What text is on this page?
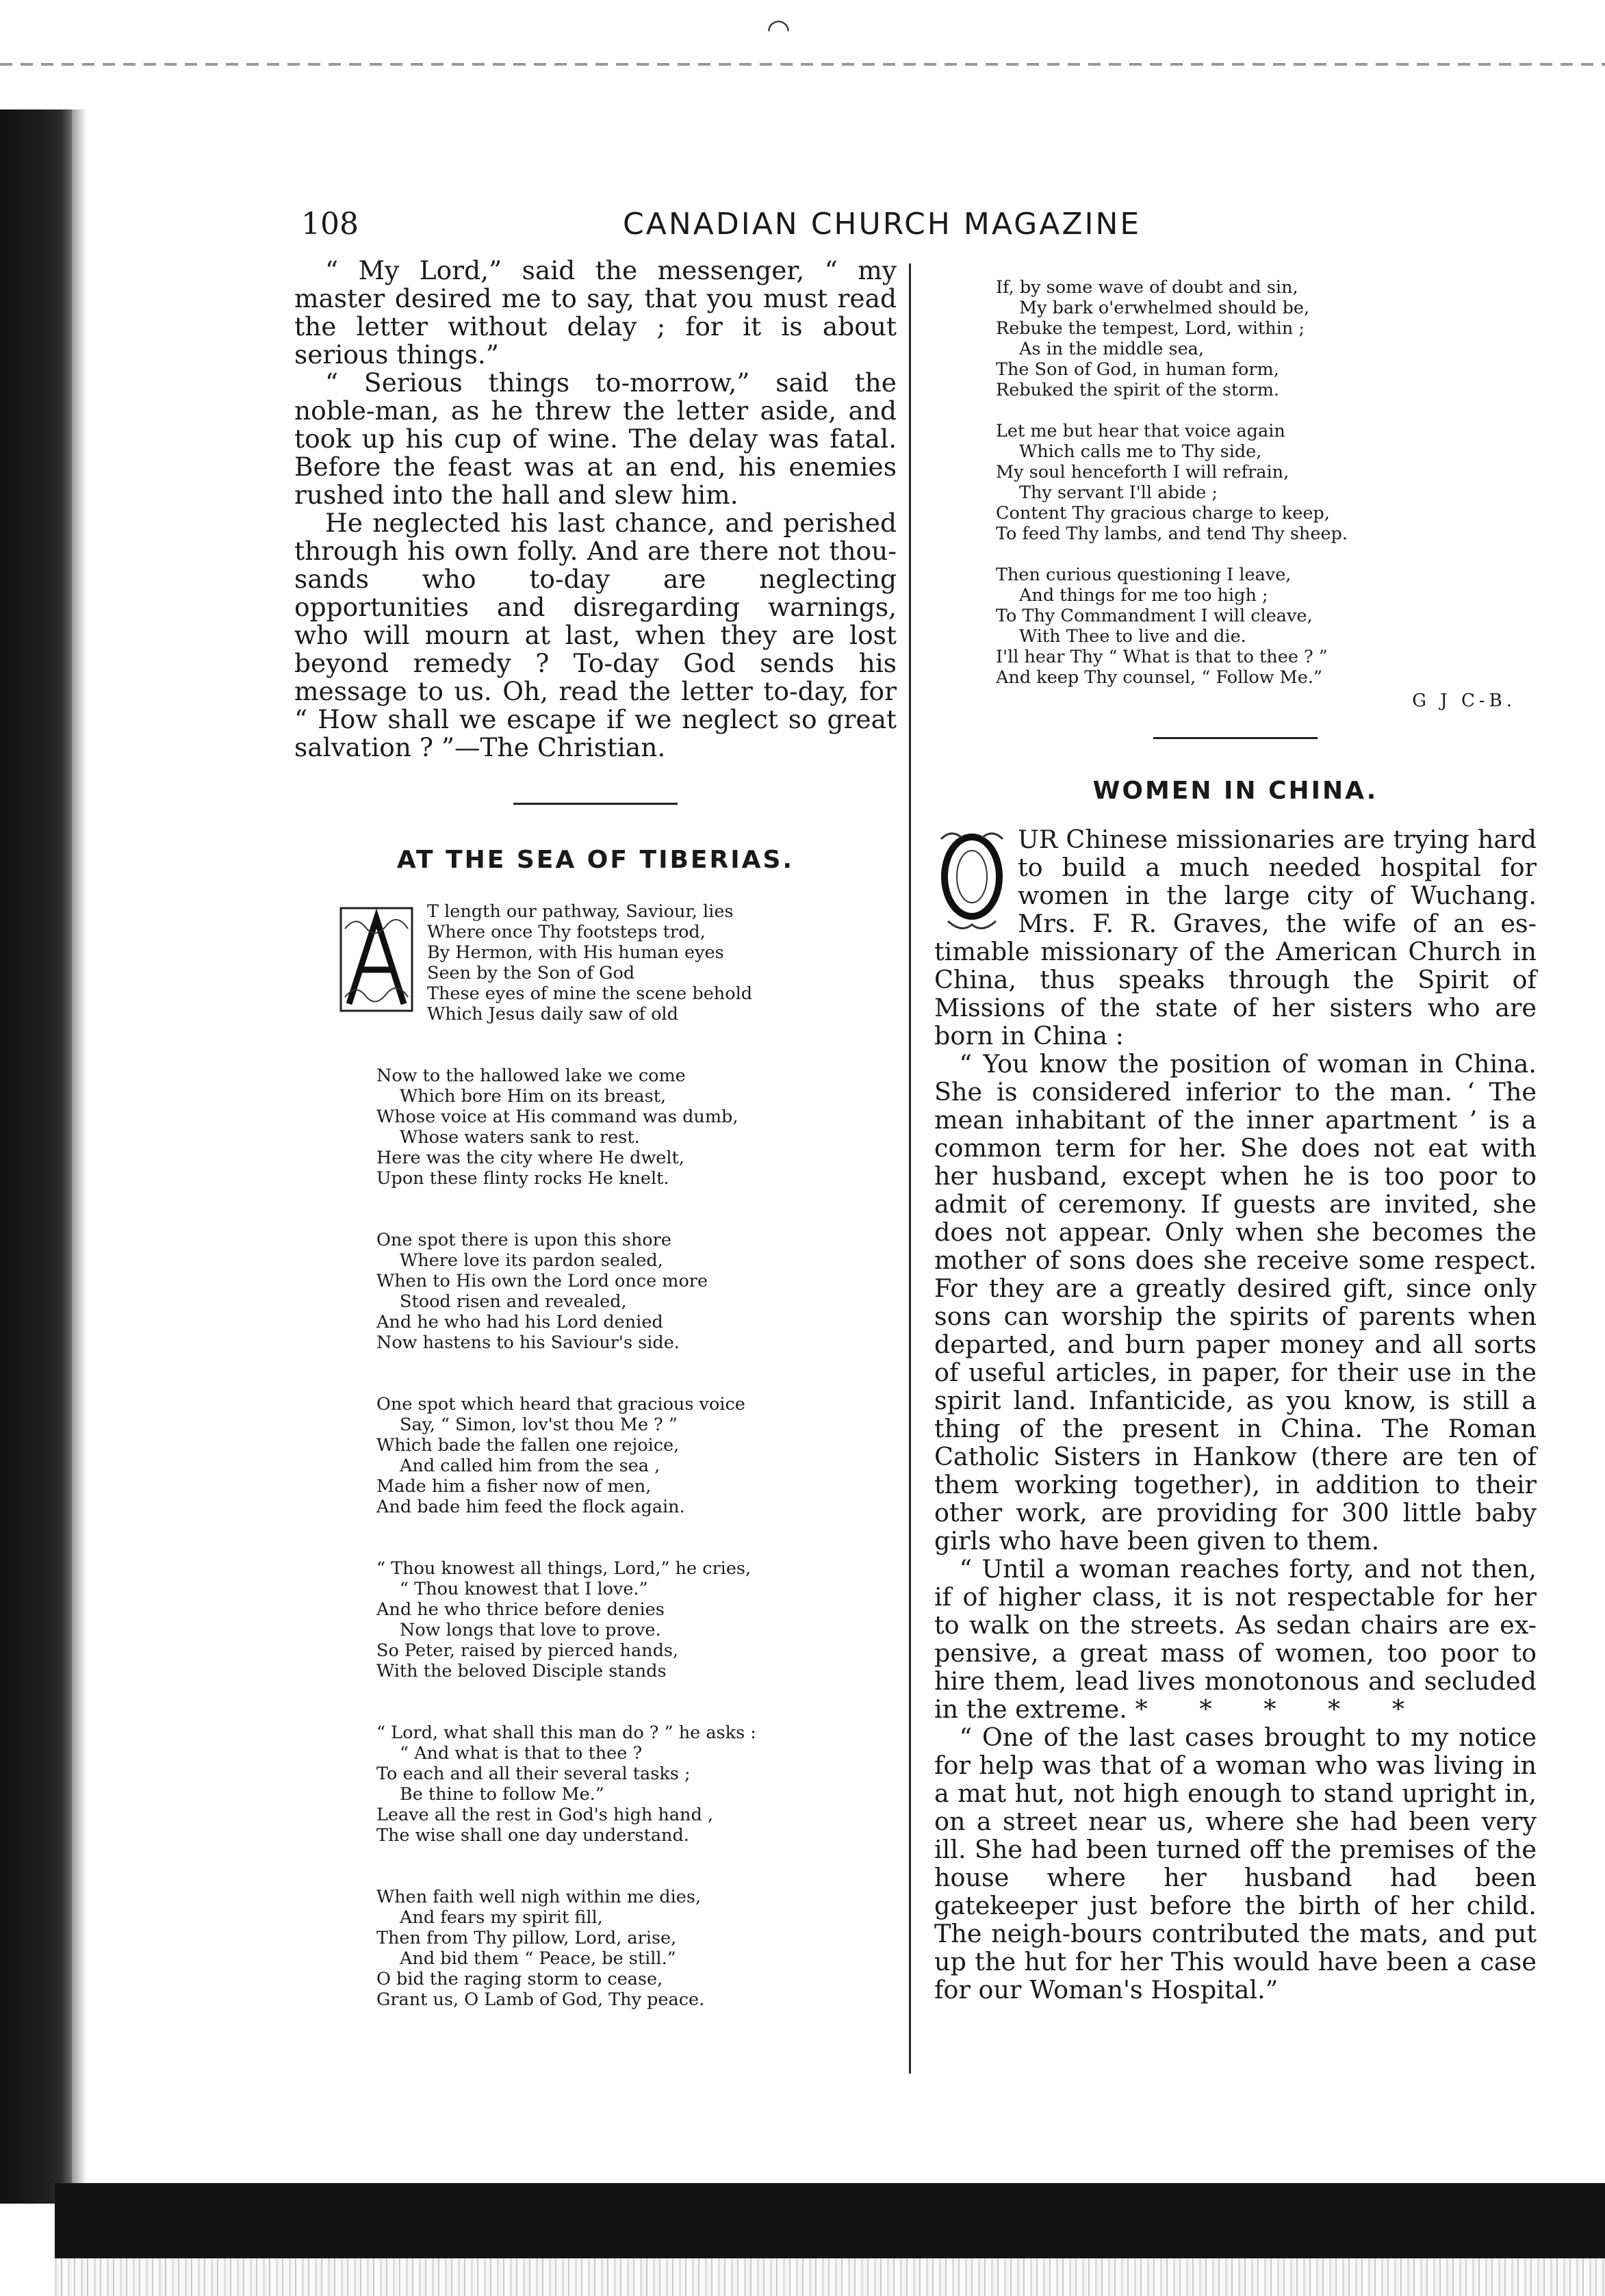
◠
108	CANADIAN CHURCH MAGAZINE

“ My Lord,” said the messenger, “ my master desired me to say, that you must read the letter without delay ; for it is about serious things.”

“ Serious things to-morrow,” said the noble-man, as he threw the letter aside, and took up his cup of wine. The delay was fatal. Before the feast was at an end, his enemies rushed into the hall and slew him.

He neglected his last chance, and perished through his own folly. And are there not thou-sands who to-day are neglecting opportunities and disregarding warnings, who will mourn at last, when they are lost beyond remedy ? To-day God sends his message to us. Oh, read the letter to-day, for “ How shall we escape if we neglect so great salvation ? ”—The Christian.

AT THE SEA OF TIBERIAS.
T length our pathway, Saviour, lies
Where once Thy footsteps trod,
By Hermon, with His human eyes
Seen by the Son of God
These eyes of mine the scene behold
Which Jesus daily saw of old
Now to the hallowed lake we come
Which bore Him on its breast,
Whose voice at His command was dumb,
Whose waters sank to rest.
Here was the city where He dwelt,
Upon these flinty rocks He knelt.
One spot there is upon this shore
Where love its pardon sealed,
When to His own the Lord once more
Stood risen and revealed,
And he who had his Lord denied
Now hastens to his Saviour's side.
One spot which heard that gracious voice
Say, “ Simon, lov'st thou Me ? ”
Which bade the fallen one rejoice,
And called him from the sea ,
Made him a fisher now of men,
And bade him feed the flock again.
“ Thou knowest all things, Lord,” he cries,
“ Thou knowest that I love.”
And he who thrice before denies
Now longs that love to prove.
So Peter, raised by pierced hands,
With the beloved Disciple stands
“ Lord, what shall this man do ? ” he asks :
“ And what is that to thee ?
To each and all their several tasks ;
Be thine to follow Me.”
Leave all the rest in God's high hand ,
The wise shall one day understand.
When faith well nigh within me dies,
And fears my spirit fill,
Then from Thy pillow, Lord, arise,
And bid them “ Peace, be still.”
O bid the raging storm to cease,
Grant us, O Lamb of God, Thy peace.
If, by some wave of doubt and sin,
My bark o'erwhelmed should be,
Rebuke the tempest, Lord, within ;
As in the middle sea,
The Son of God, in human form,
Rebuked the spirit of the storm.
Let me but hear that voice again
Which calls me to Thy side,
My soul henceforth I will refrain,
Thy servant I'll abide ;
Content Thy gracious charge to keep,
To feed Thy lambs, and tend Thy sheep.
Then curious questioning I leave,
And things for me too high ;
To Thy Commandment I will cleave,
With Thee to live and die.
I'll hear Thy “ What is that to thee ? ”
And keep Thy counsel, “ Follow Me.”
G J C-B.
WOMEN IN CHINA.

UR Chinese missionaries are trying hard to build a much needed hospital for women in the large city of Wuchang. Mrs. F. R. Graves, the wife of an es-timable missionary of the American Church in China, thus speaks through the Spirit of Missions of the state of her sisters who are born in China :

“ You know the position of woman in China. She is considered inferior to the man. ‘ The mean inhabitant of the inner apartment ’ is a common term for her. She does not eat with her husband, except when he is too poor to admit of ceremony. If guests are invited, she does not appear. Only when she becomes the mother of sons does she receive some respect. For they are a greatly desired gift, since only sons can worship the spirits of parents when departed, and burn paper money and all sorts of useful articles, in paper, for their use in the spirit land. Infanticide, as you know, is still a thing of the present in China. The Roman Catholic Sisters in Hankow (there are ten of them working together), in addition to their other work, are providing for 300 little baby girls who have been given to them.

“ Until a woman reaches forty, and not then, if of higher class, it is not respectable for her to walk on the streets. As sedan chairs are ex-pensive, a great mass of women, too poor to hire them, lead lives monotonous and secluded in the extreme. * * * * *

“ One of the last cases brought to my notice for help was that of a woman who was living in a mat hut, not high enough to stand upright in, on a street near us, where she had been very ill. She had been turned off the premises of the house where her husband had been gatekeeper just before the birth of her child. The neigh-bours contributed the mats, and put up the hut for her This would have been a case for our Woman's Hospital.”
